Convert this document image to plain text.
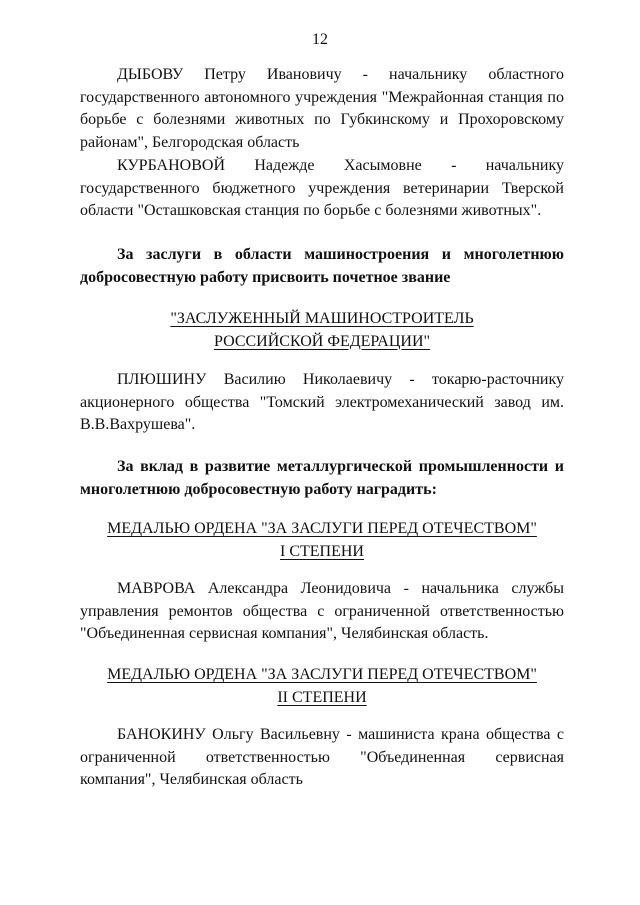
12
ДЫБОВУ Петру Ивановичу - начальнику областного государственного автономного учреждения "Межрайонная станция по борьбе с болезнями животных по Губкинскому и Прохоровскому районам", Белгородская область
КУРБАНОВОЙ Надежде Хасымовне - начальнику государственного бюджетного учреждения ветеринарии Тверской области "Осташковская станция по борьбе с болезнями животных".
За заслуги в области машиностроения и многолетнюю добросовестную работу присвоить почетное звание
"ЗАСЛУЖЕННЫЙ МАШИНОСТРОИТЕЛЬ
РОССИЙСКОЙ ФЕДЕРАЦИИ"
ПЛЮШИНУ Василию Николаевичу - токарю-расточнику акционерного общества "Томский электромеханический завод им. В.В.Вахрушева".
За вклад в развитие металлургической промышленности и многолетнюю добросовестную работу наградить:
МЕДАЛЬЮ ОРДЕНА "ЗА ЗАСЛУГИ ПЕРЕД ОТЕЧЕСТВОМ"
I СТЕПЕНИ
МАВРОВА Александра Леонидовича - начальника службы управления ремонтов общества с ограниченной ответственностью "Объединенная сервисная компания", Челябинская область.
МЕДАЛЬЮ ОРДЕНА "ЗА ЗАСЛУГИ ПЕРЕД ОТЕЧЕСТВОМ"
II СТЕПЕНИ
БАНОКИНУ Ольгу Васильевну - машиниста крана общества с ограниченной ответственностью "Объединенная сервисная компания", Челябинская область
